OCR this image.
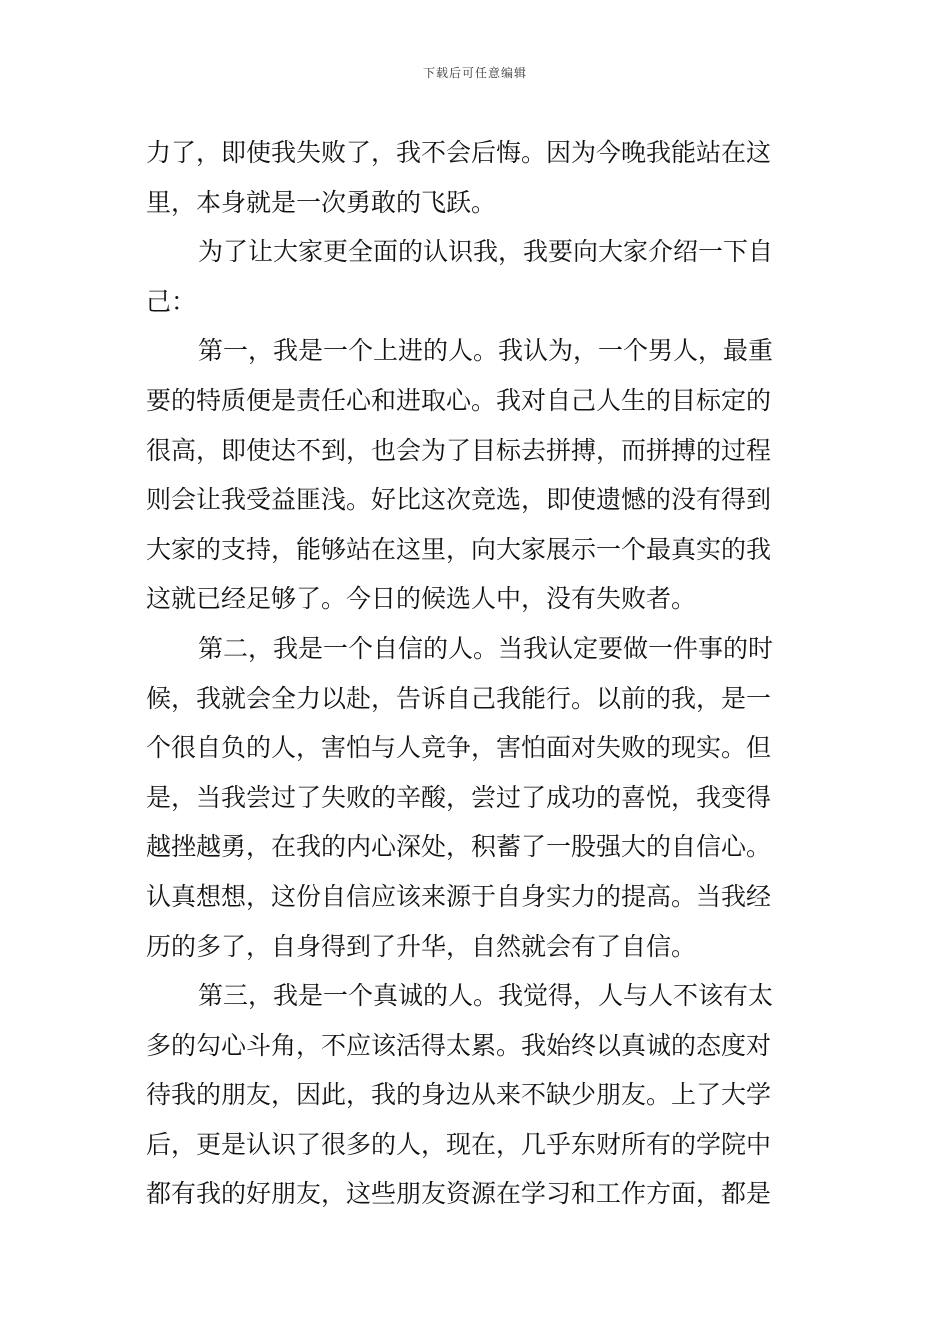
下载后可任意编辑
力了，即使我失败了，我不会后悔。因为今晚我能站在这
里，本身就是一次勇敢的飞跃。
为了让大家更全面的认识我，我要向大家介绍一下自
己：
第一，我是一个上进的人。我认为，一个男人，最重
要的特质便是责任心和进取心。我对自己人生的目标定的
很高，即使达不到，也会为了目标去拼搏，而拼搏的过程
则会让我受益匪浅。好比这次竞选，即使遗憾的没有得到
大家的支持，能够站在这里，向大家展示一个最真实的我
这就已经足够了。今日的候选人中，没有失败者。
第二，我是一个自信的人。当我认定要做一件事的时
候，我就会全力以赴，告诉自己我能行。以前的我，是一
个很自负的人，害怕与人竞争，害怕面对失败的现实。但
是，当我尝过了失败的辛酸，尝过了成功的喜悦，我变得
越挫越勇，在我的内心深处，积蓄了一股强大的自信心。
认真想想，这份自信应该来源于自身实力的提高。当我经
历的多了，自身得到了升华，自然就会有了自信。
第三，我是一个真诚的人。我觉得，人与人不该有太
多的勾心斗角，不应该活得太累。我始终以真诚的态度对
待我的朋友，因此，我的身边从来不缺少朋友。上了大学
后，更是认识了很多的人，现在，几乎东财所有的学院中
都有我的好朋友，这些朋友资源在学习和工作方面，都是
